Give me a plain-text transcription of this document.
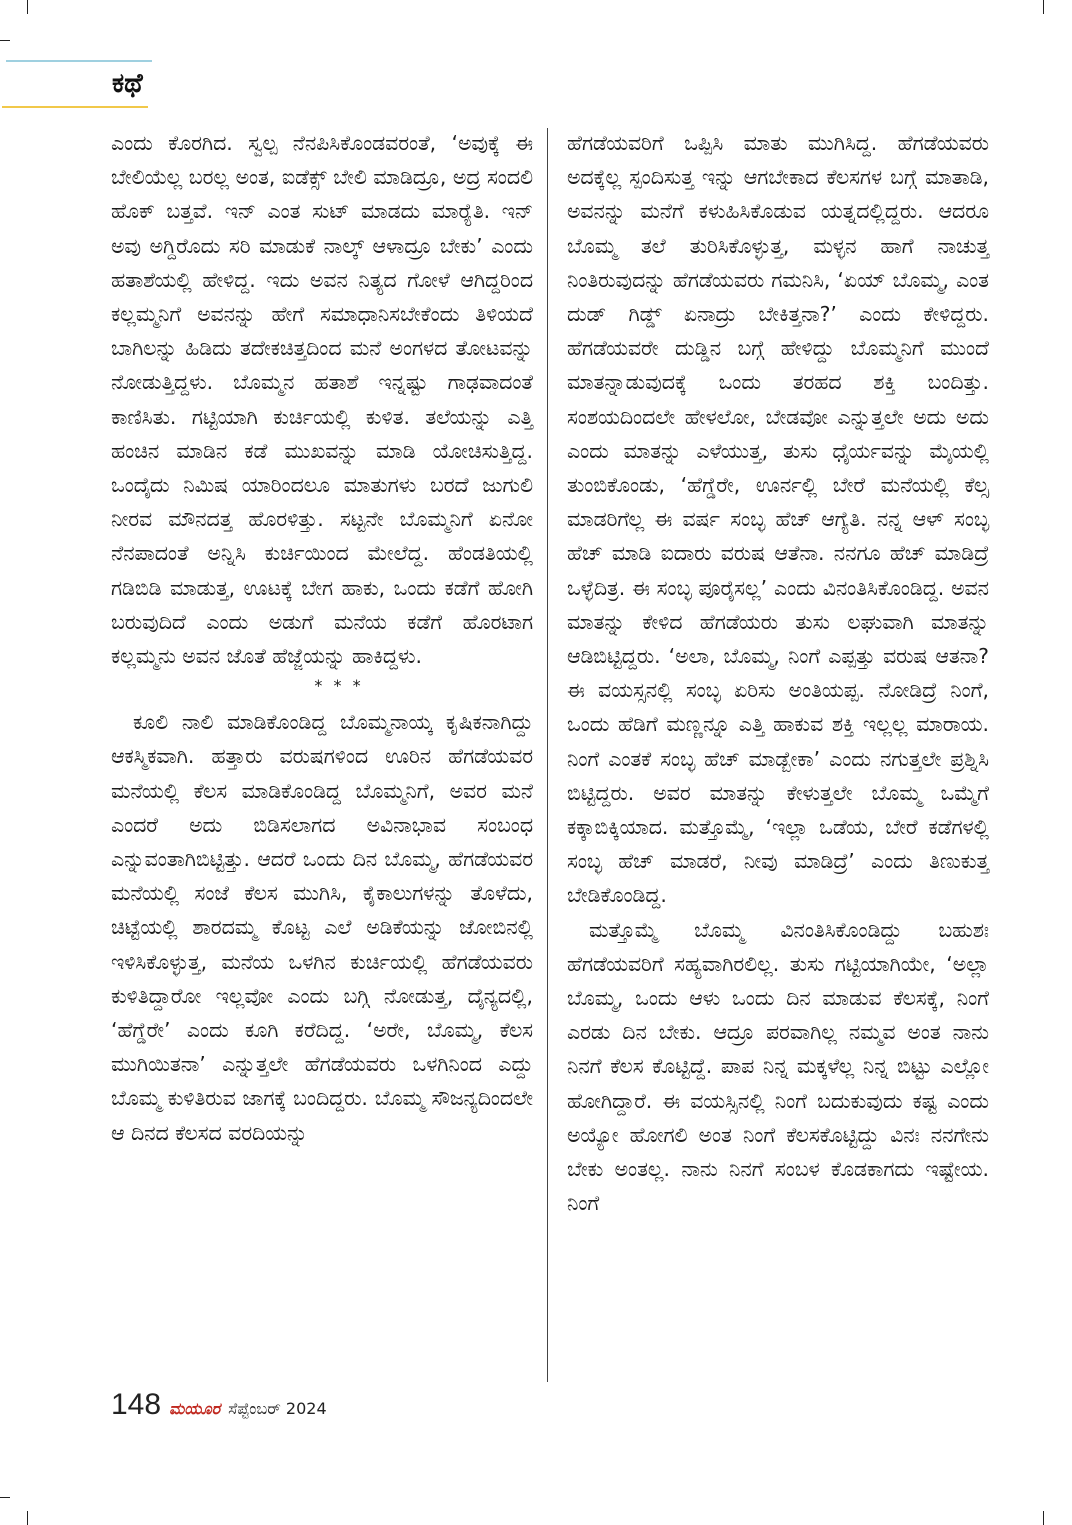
ಕಥೆ

ಎಂದು ಕೊರಗಿದ. ಸ್ವಲ್ಪ ನೆನಪಿಸಿಕೊಂಡವರಂತೆ, ‘ಅವುಕ್ಕೆ ಈ ಬೇಲಿಯೆಲ್ಲ ಬರಲ್ಲ ಅಂತ, ಐಡೆಕ್ಸ್ ಬೇಲಿ ಮಾಡಿದ್ರೂ, ಅದ್ರ ಸಂದಲಿ ಹೊಕ್ ಬತ್ತವೆ. ಇನ್ ಎಂತ ಸುಟ್ ಮಾಡದು ಮಾರ್‍ಯೆತಿ. ಇನ್ ಅವು ಅಗ್ದಿರೊದು ಸರಿ ಮಾಡುಕೆ ನಾಲ್ಕ್ ಆಳಾದ್ರೂ ಬೇಕು’ ಎಂದು ಹತಾಶೆಯಲ್ಲಿ ಹೇಳಿದ್ದ. ಇದು ಅವನ ನಿತ್ಯದ ಗೋಳೆ ಆಗಿದ್ದರಿಂದ ಕಲ್ಲಮ್ಮನಿಗೆ ಅವನನ್ನು ಹೇಗೆ ಸಮಾಧಾನಿಸಬೇಕೆಂದು ತಿಳಿಯದೆ ಬಾಗಿಲನ್ನು ಹಿಡಿದು ತದೇಕಚಿತ್ತದಿಂದ ಮನೆ ಅಂಗಳದ ತೋಟವನ್ನು ನೋಡುತ್ತಿದ್ದಳು. ಬೊಮ್ಮನ ಹತಾಶೆ ಇನ್ನಷ್ಟು ಗಾಢವಾದಂತೆ ಕಾಣಿಸಿತು. ಗಟ್ಟಿಯಾಗಿ ಕುರ್ಚಿಯಲ್ಲಿ ಕುಳಿತ. ತಲೆಯನ್ನು ಎತ್ತಿ ಹಂಚಿನ ಮಾಡಿನ ಕಡೆ ಮುಖವನ್ನು ಮಾಡಿ ಯೋಚಿಸುತ್ತಿದ್ದ. ಒಂದೈದು ನಿಮಿಷ ಯಾರಿಂದಲೂ ಮಾತುಗಳು ಬರದೆ ಜುಗುಲಿ ನೀರವ ಮೌನದತ್ತ ಹೊರಳಿತ್ತು. ಸಟ್ಟನೇ ಬೊಮ್ಮನಿಗೆ ಏನೋ ನೆನಪಾದಂತೆ ಅನ್ನಿಸಿ ಕುರ್ಚಿಯಿಂದ ಮೇಲೆದ್ದ. ಹೆಂಡತಿಯಲ್ಲಿ ಗಡಿಬಿಡಿ ಮಾಡುತ್ತ, ಊಟಕ್ಕೆ ಬೇಗ ಹಾಕು, ಒಂದು ಕಡೆಗೆ ಹೋಗಿ ಬರುವುದಿದೆ ಎಂದು ಅಡುಗೆ ಮನೆಯ ಕಡೆಗೆ ಹೊರಟಾಗ ಕಲ್ಲಮ್ಮನು ಅವನ ಜೊತೆ ಹೆಜ್ಜೆಯನ್ನು ಹಾಕಿದ್ದಳು.

* * *

ಕೂಲಿ ನಾಲಿ ಮಾಡಿಕೊಂಡಿದ್ದ ಬೊಮ್ಮನಾಯ್ಕ ಕೃಷಿಕನಾಗಿದ್ದು ಆಕಸ್ಮಿಕವಾಗಿ. ಹತ್ತಾರು ವರುಷಗಳಿಂದ ಊರಿನ ಹೆಗಡೆಯವರ ಮನೆಯಲ್ಲಿ ಕೆಲಸ ಮಾಡಿಕೊಂಡಿದ್ದ ಬೊಮ್ಮನಿಗೆ, ಅವರ ಮನೆ ಎಂದರೆ ಅದು ಬಿಡಿಸಲಾಗದ ಅವಿನಾಭಾವ ಸಂಬಂಧ ಎನ್ನುವಂತಾಗಿಬಿಟ್ಟಿತ್ತು. ಆದರೆ ಒಂದು ದಿನ ಬೊಮ್ಮ, ಹೆಗಡೆಯವರ ಮನೆಯಲ್ಲಿ ಸಂಜೆ ಕೆಲಸ ಮುಗಿಸಿ, ಕೈಕಾಲುಗಳನ್ನು ತೊಳೆದು, ಚಿಟ್ಟೆಯಲ್ಲಿ ಶಾರದಮ್ಮ ಕೊಟ್ಟ ಎಲೆ ಅಡಿಕೆಯನ್ನು ಜೋಬಿನಲ್ಲಿ ಇಳಿಸಿಕೊಳ್ಳುತ್ತ, ಮನೆಯ ಒಳಗಿನ ಕುರ್ಚಿಯಲ್ಲಿ ಹೆಗಡೆಯವರು ಕುಳಿತಿದ್ದಾರೋ ಇಲ್ಲವೋ ಎಂದು ಬಗ್ಗಿ ನೋಡುತ್ತ, ದೈನ್ಯದಲ್ಲಿ, ‘ಹೆಗ್ಡೆರೇ’ ಎಂದು ಕೂಗಿ ಕರೆದಿದ್ದ. ‘ಅರೇ, ಬೊಮ್ಮ, ಕೆಲಸ ಮುಗಿಯಿತನಾ’ ಎನ್ನುತ್ತಲೇ ಹೆಗಡೆಯವರು ಒಳಗಿನಿಂದ ಎದ್ದು ಬೊಮ್ಮ ಕುಳಿತಿರುವ ಜಾಗಕ್ಕೆ ಬಂದಿದ್ದರು. ಬೊಮ್ಮ ಸೌಜನ್ಯದಿಂದಲೇ ಆ ದಿನದ ಕೆಲಸದ ವರದಿಯನ್ನು

ಹೆಗಡೆಯವರಿಗೆ ಒಪ್ಪಿಸಿ ಮಾತು ಮುಗಿಸಿದ್ದ. ಹೆಗಡೆಯವರು ಅದಕ್ಕೆಲ್ಲ ಸ್ಪಂದಿಸುತ್ತ ಇನ್ನು ಆಗಬೇಕಾದ ಕೆಲಸಗಳ ಬಗ್ಗೆ ಮಾತಾಡಿ, ಅವನನ್ನು ಮನೆಗೆ ಕಳುಹಿಸಿಕೊಡುವ ಯತ್ನದಲ್ಲಿದ್ದರು. ಆದರೂ ಬೊಮ್ಮ ತಲೆ ತುರಿಸಿಕೊಳ್ಳುತ್ತ, ಮಳ್ಳನ ಹಾಗೆ ನಾಚುತ್ತ ನಿಂತಿರುವುದನ್ನು ಹೆಗಡೆಯವರು ಗಮನಿಸಿ, ‘ಏಯ್ ಬೊಮ್ಮ, ಎಂತ ದುಡ್ ಗಿಡ್ಡ್ ಏನಾದ್ರು ಬೇಕಿತ್ತನಾ?’ ಎಂದು ಕೇಳಿದ್ದರು. ಹೆಗಡೆಯವರೇ ದುಡ್ಡಿನ ಬಗ್ಗೆ ಹೇಳಿದ್ದು ಬೊಮ್ಮನಿಗೆ ಮುಂದೆ ಮಾತನ್ನಾಡುವುದಕ್ಕೆ ಒಂದು ತರಹದ ಶಕ್ತಿ ಬಂದಿತ್ತು. ಸಂಶಯದಿಂದಲೇ ಹೇಳಲೋ, ಬೇಡವೋ ಎನ್ನುತ್ತಲೇ ಅದು ಅದು ಎಂದು ಮಾತನ್ನು ಎಳೆಯುತ್ತ, ತುಸು ಧೈರ್ಯವನ್ನು ಮೈಯಲ್ಲಿ ತುಂಬಿಕೊಂಡು, ‘ಹೆಗ್ಡೆರೇ, ಊರ್ನಲ್ಲಿ ಬೇರೆ ಮನೆಯಲ್ಲಿ ಕೆಲ್ಸ ಮಾಡರಿಗೆಲ್ಲ ಈ ವರ್ಷ ಸಂಬ್ಳ ಹೆಚ್ ಆಗ್ಯೆತಿ. ನನ್ನ ಆಳ್ ಸಂಬ್ಳ ಹೆಚ್ ಮಾಡಿ ಐದಾರು ವರುಷ ಆತೆನಾ. ನನಗೂ ಹೆಚ್ ಮಾಡಿದ್ರೆ ಒಳ್ಳೆದಿತ್ರ. ಈ ಸಂಬ್ಳ ಪೂರೈಸಲ್ಲ’ ಎಂದು ವಿನಂತಿಸಿಕೊಂಡಿದ್ದ. ಅವನ ಮಾತನ್ನು ಕೇಳಿದ ಹೆಗಡೆಯರು ತುಸು ಲಘುವಾಗಿ ಮಾತನ್ನು ಆಡಿಬಿಟ್ಟಿದ್ದರು. ‘ಅಲಾ, ಬೊಮ್ಮ, ನಿಂಗೆ ಎಪ್ಪತ್ತು ವರುಷ ಆತನಾ? ಈ ವಯಸ್ಸನಲ್ಲಿ ಸಂಬ್ಳ ಏರಿಸು ಅಂತಿಯಪ್ಪ. ನೋಡಿದ್ರೆ ನಿಂಗೆ, ಒಂದು ಹೆಡಿಗೆ ಮಣ್ಣನ್ನೂ ಎತ್ತಿ ಹಾಕುವ ಶಕ್ತಿ ಇಲ್ಲಲ್ಲ ಮಾರಾಯ. ನಿಂಗೆ ಎಂತಕೆ ಸಂಬ್ಳ ಹೆಚ್ ಮಾಡ್ಬೇಕಾ’ ಎಂದು ನಗುತ್ತಲೇ ಪ್ರಶ್ನಿಸಿ ಬಿಟ್ಟಿದ್ದರು. ಅವರ ಮಾತನ್ನು ಕೇಳುತ್ತಲೇ ಬೊಮ್ಮ ಒಮ್ಮೆಗೆ ಕಕ್ಕಾಬಿಕ್ಕಿಯಾದ. ಮತ್ತೊಮ್ಮೆ, ‘ಇಲ್ಲಾ ಒಡೆಯ, ಬೇರೆ ಕಡೆಗಳಲ್ಲಿ ಸಂಬ್ಳ ಹೆಚ್ ಮಾಡರೆ, ನೀವು ಮಾಡಿದ್ರೆ’ ಎಂದು ತಿಣುಕುತ್ತ ಬೇಡಿಕೊಂಡಿದ್ದ.

ಮತ್ತೊಮ್ಮೆ ಬೊಮ್ಮ ವಿನಂತಿಸಿಕೊಂಡಿದ್ದು ಬಹುಶಃ ಹೆಗಡೆಯವರಿಗೆ ಸಹ್ಯವಾಗಿರಲಿಲ್ಲ. ತುಸು ಗಟ್ಟಿಯಾಗಿಯೇ, ‘ಅಲ್ಲಾ ಬೊಮ್ಮ, ಒಂದು ಆಳು ಒಂದು ದಿನ ಮಾಡುವ ಕೆಲಸಕ್ಕೆ, ನಿಂಗೆ ಎರಡು ದಿನ ಬೇಕು. ಆದ್ರೂ ಪರವಾಗಿಲ್ಲ ನಮ್ಮವ ಅಂತ ನಾನು ನಿನಗೆ ಕೆಲಸ ಕೊಟ್ಟಿದ್ದೆ. ಪಾಪ ನಿನ್ನ ಮಕ್ಕಳೆಲ್ಲ ನಿನ್ನ ಬಿಟ್ಟು ಎಲ್ಲೋ ಹೋಗಿದ್ದಾರೆ. ಈ ವಯಸ್ಸಿನಲ್ಲಿ ನಿಂಗೆ ಬದುಕುವುದು ಕಷ್ಟ ಎಂದು ಅಯ್ಯೋ ಹೋಗಲಿ ಅಂತ ನಿಂಗೆ ಕೆಲಸಕೊಟ್ಟಿದ್ದು ವಿನಃ ನನಗೇನು ಬೇಕು ಅಂತಲ್ಲ. ನಾನು ನಿನಗೆ ಸಂಬಳ ಕೊಡಕಾಗದು ಇಷ್ಟೇಯ. ನಿಂಗೆ

148 ಮಯೂರ ಸೆಪ್ಟೆಂಬರ್ 2024
